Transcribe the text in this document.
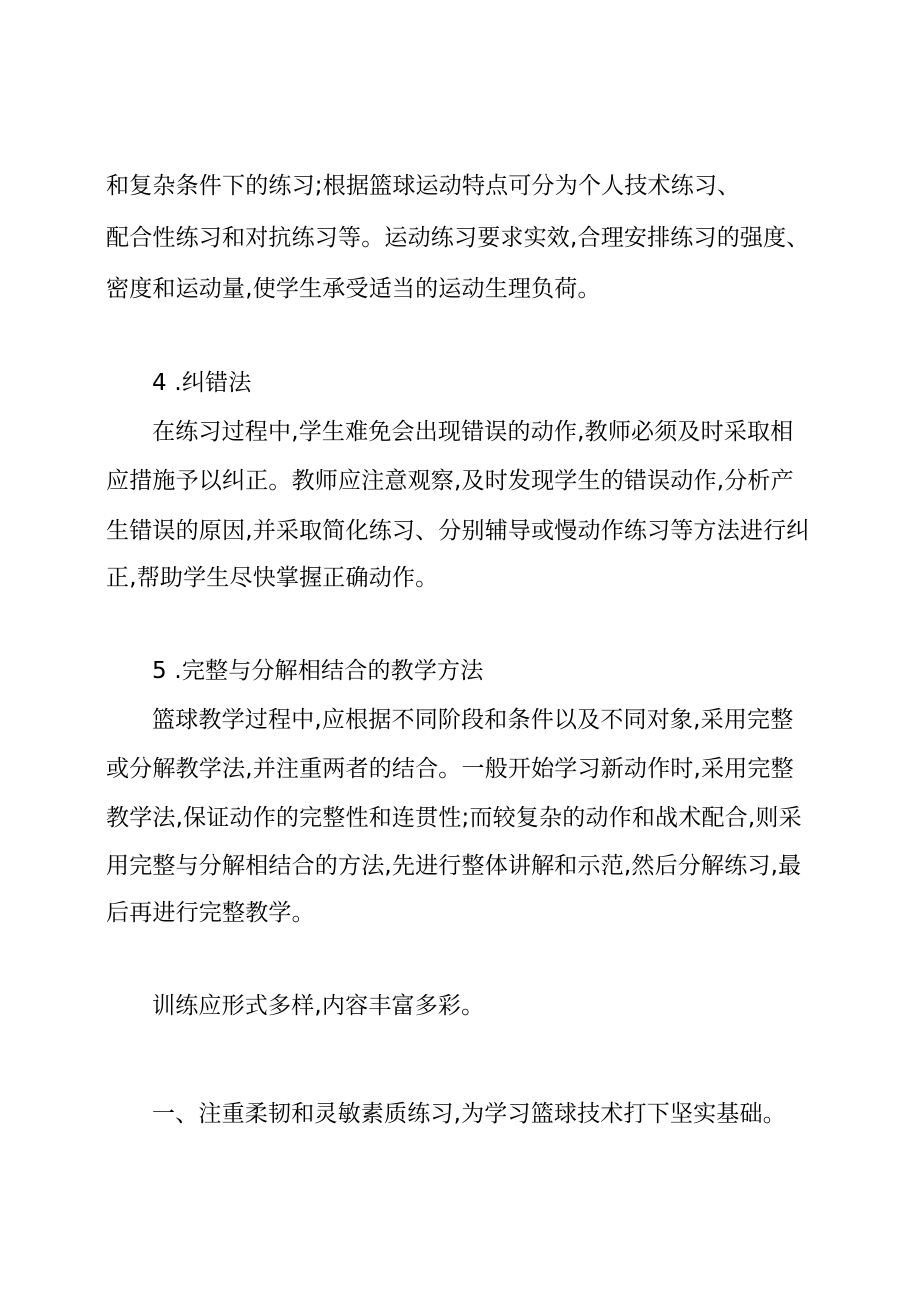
和复杂条件下的练习;根据篮球运动特点可分为个人技术练习、
配合性练习和对抗练习等。运动练习要求实效,合理安排练习的强度、
密度和运动量,使学生承受适当的运动生理负荷。
4 .纠错法
在练习过程中,学生难免会出现错误的动作,教师必须及时采取相
应措施予以纠正。教师应注意观察,及时发现学生的错误动作,分析产
生错误的原因,并采取简化练习、分别辅导或慢动作练习等方法进行纠
正,帮助学生尽快掌握正确动作。
5 .完整与分解相结合的教学方法
篮球教学过程中,应根据不同阶段和条件以及不同对象,采用完整
或分解教学法,并注重两者的结合。一般开始学习新动作时,采用完整
教学法,保证动作的完整性和连贯性;而较复杂的动作和战术配合,则采
用完整与分解相结合的方法,先进行整体讲解和示范,然后分解练习,最
后再进行完整教学。
训练应形式多样,内容丰富多彩。
一、注重柔韧和灵敏素质练习,为学习篮球技术打下坚实基础。
